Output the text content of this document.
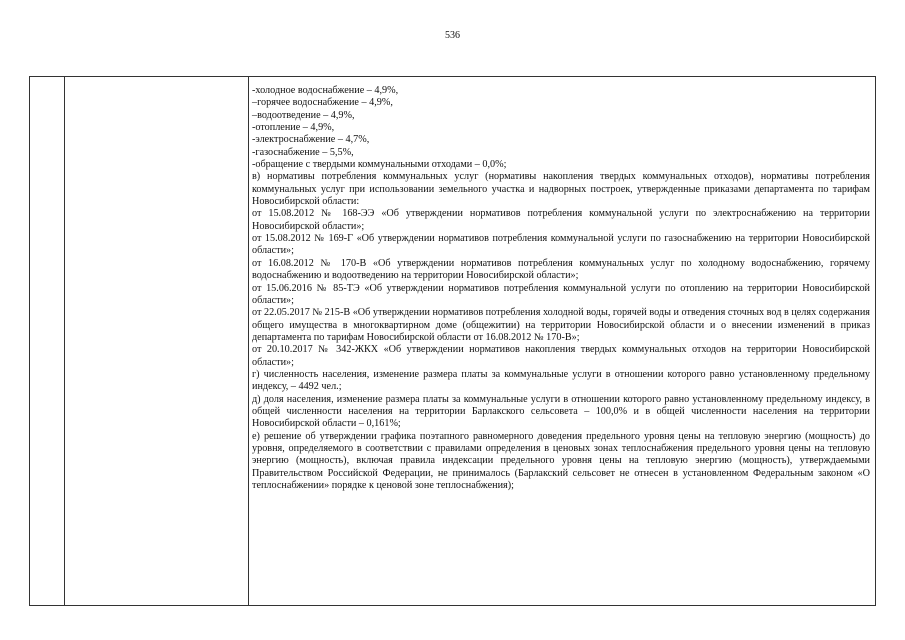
536

-холодное водоснабжение – 4,9%,

–горячее водоснабжение – 4,9%,

–водоотведение – 4,9%,

-отопление – 4,9%,

-электроснабжение – 4,7%,

-газоснабжение – 5,5%,

-обращение с твердыми коммунальными отходами – 0,0%;

в) нормативы потребления коммунальных услуг (нормативы накопления твердых коммунальных отходов), нормативы потребления коммунальных услуг при использовании земельного участка и надворных построек, утвержденные приказами департамента по тарифам Новосибирской области:

от 15.08.2012 № 168-ЭЭ «Об утверждении нормативов потребления коммунальной услуги по электроснабжению на территории Новосибирской области»;

от 15.08.2012 № 169-Г «Об утверждении нормативов потребления коммунальной услуги по газоснабжению на территории Новосибирской области»;

от 16.08.2012 № 170-В «Об утверждении нормативов потребления коммунальных услуг по холодному водоснабжению, горячему водоснабжению и водоотведению на территории Новосибирской области»;

от 15.06.2016 № 85-ТЭ «Об утверждении нормативов потребления коммунальной услуги по отоплению на территории Новосибирской области»;

от 22.05.2017 № 215-В «Об утверждении нормативов потребления холодной воды, горячей воды и отведения сточных вод в целях содержания общего имущества в многоквартирном доме (общежитии) на территории Новосибирской области и о внесении изменений в приказ департамента по тарифам Новосибирской области от 16.08.2012 № 170-В»;

от 20.10.2017 № 342-ЖКХ «Об утверждении нормативов накопления твердых коммунальных отходов на территории Новосибирской области»;

г) численность населения, изменение размера платы за коммунальные услуги в отношении которого равно установленному предельному индексу, – 4492 чел.;

д) доля населения, изменение размера платы за коммунальные услуги в отношении которого равно установленному предельному индексу, в общей численности населения на территории Барлакского сельсовета – 100,0% и в общей численности населения на территории Новосибирской области – 0,161%;

е) решение об утверждении графика поэтапного равномерного доведения предельного уровня цены на тепловую энергию (мощность) до уровня, определяемого в соответствии с правилами определения в ценовых зонах теплоснабжения предельного уровня цены на тепловую энергию (мощность), включая правила индексации предельного уровня цены на тепловую энергию (мощность), утверждаемыми Правительством Российской Федерации, не принималось (Барлакский сельсовет не отнесен в установленном Федеральным законом «О теплоснабжении» порядке к ценовой зоне теплоснабжения);
